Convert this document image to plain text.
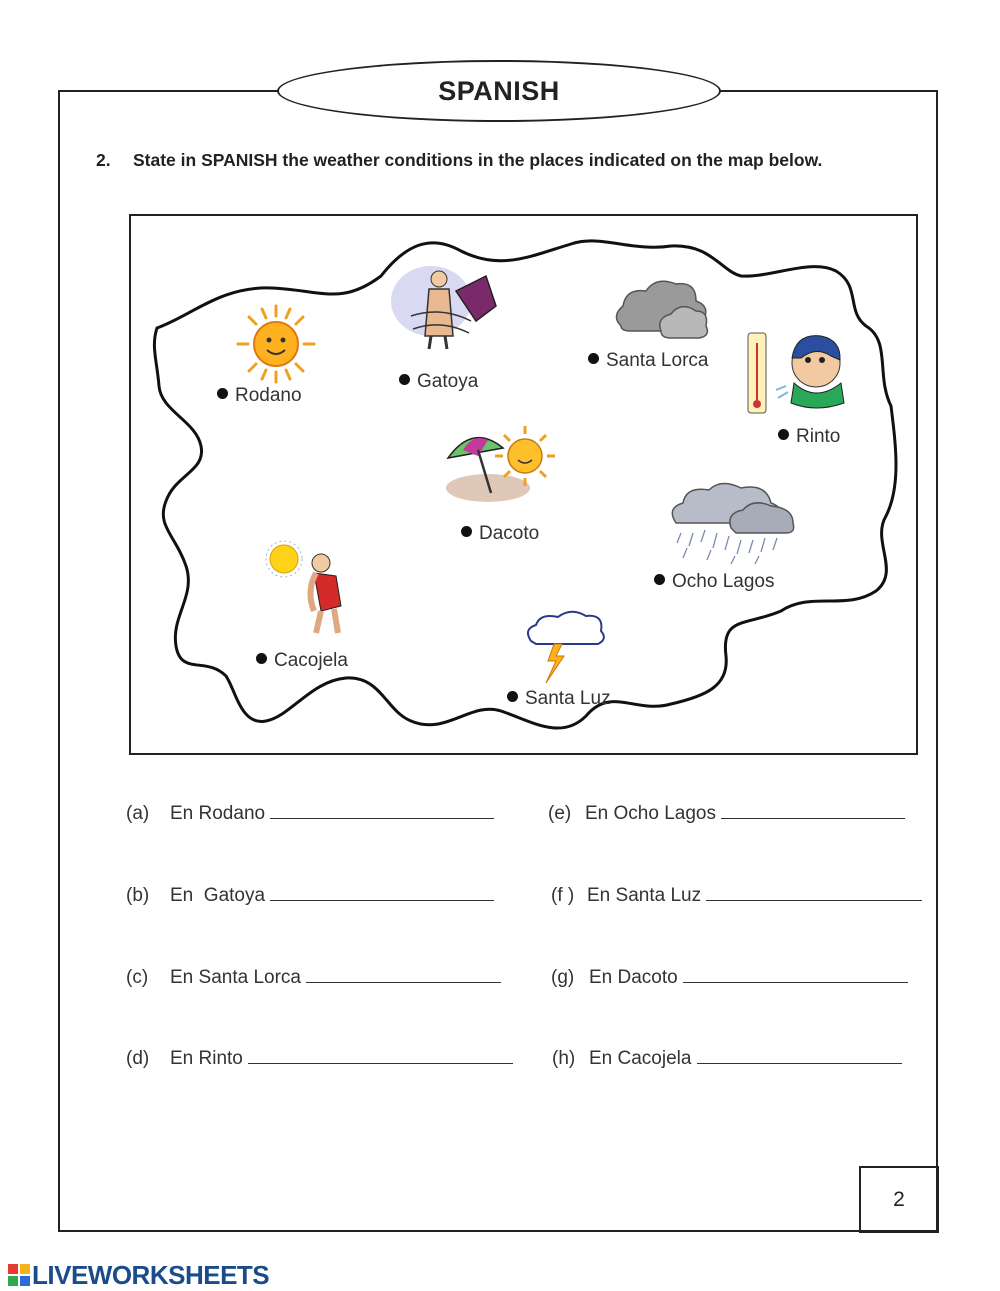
SPANISH
2. State in SPANISH the weather conditions in the places indicated on the map below.
Rodano
Gatoya
Santa Lorca
Rinto
Dacoto
Ocho Lagos
Cacojela
Santa Luz
(a) En Rodano
(b) En  Gatoya
(c) En Santa Lorca
(d) En Rinto
(e) En Ocho Lagos
(f ) En Santa Luz
(g) En Dacoto
(h) En Cacojela
2
LIVEWORKSHEETS
